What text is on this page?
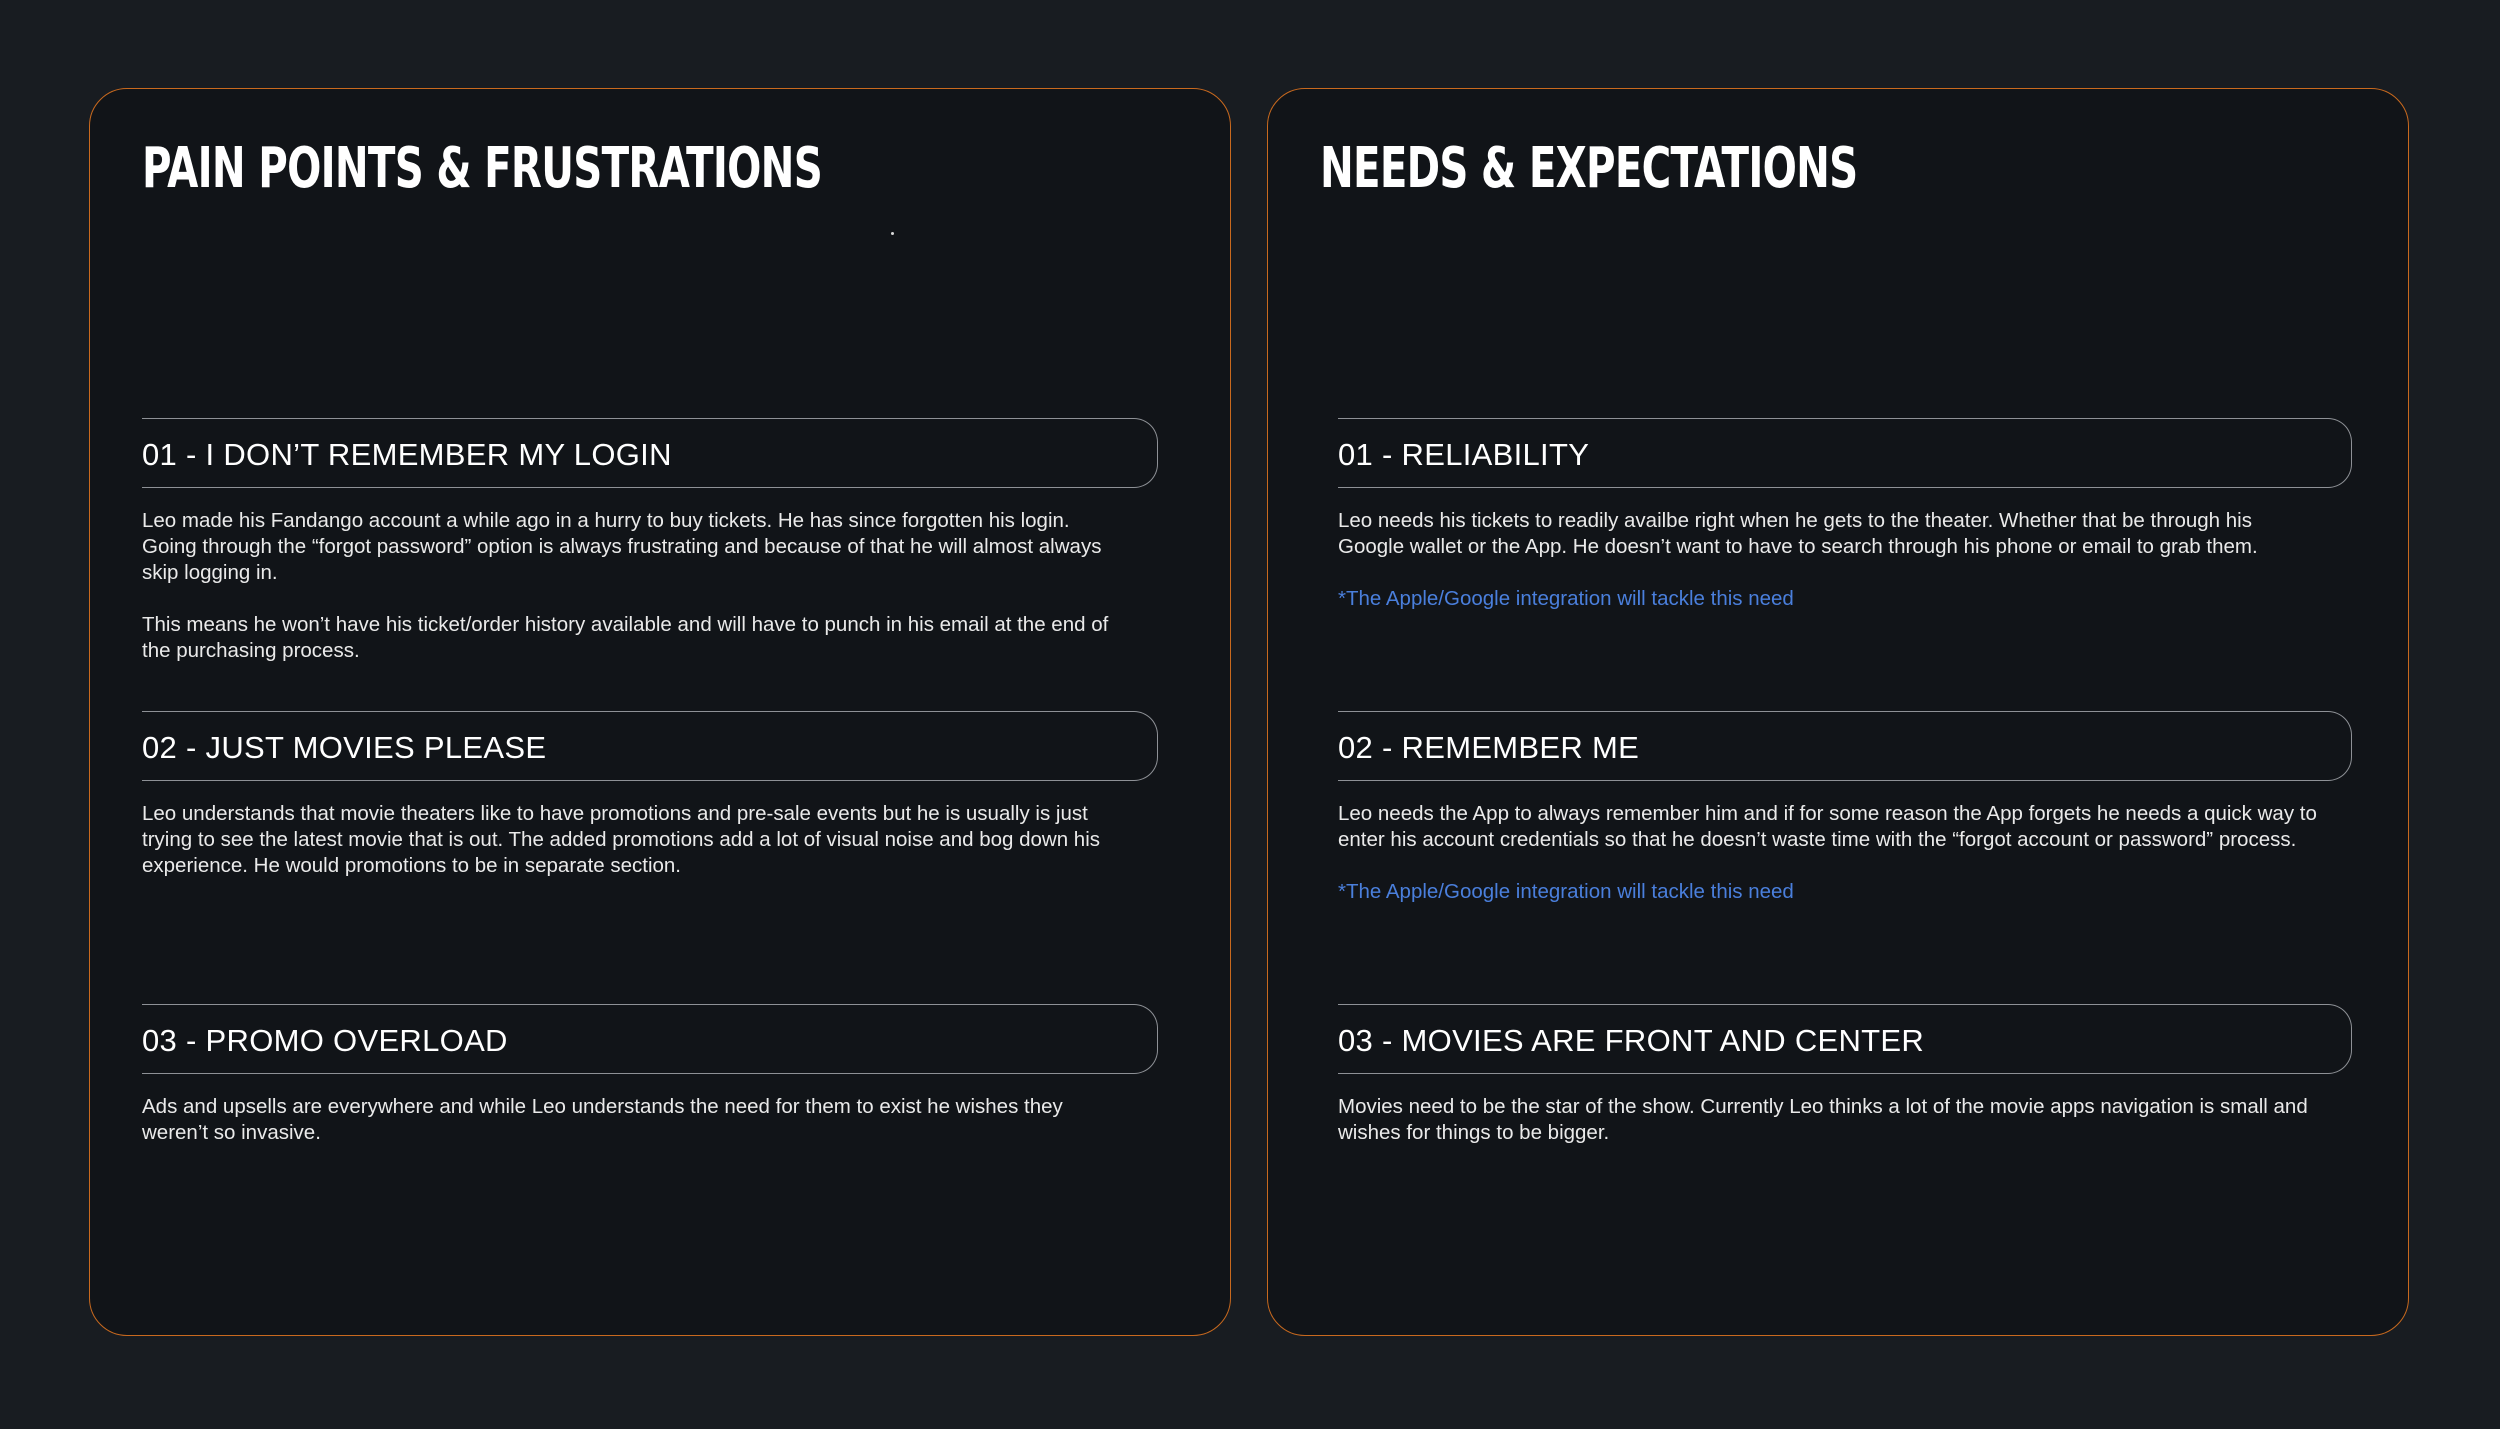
PAIN POINTS & FRUSTRATIONS
01 - I DON’T REMEMBER MY LOGIN

Leo made his Fandango account a while ago in a hurry to buy tickets. He has since forgotten his login. Going through the “forgot password” option is always frustrating and because of that he will almost always skip logging in.

This means he won’t have his ticket/order history available and will have to punch in his email at the end of the purchasing process.

02 - JUST MOVIES PLEASE

Leo understands that movie theaters like to have promotions and pre-sale events but he is usually is just trying to see the latest movie that is out. The added promotions add a lot of visual noise and bog down his experience. He would promotions to be in separate section.

03 - PROMO OVERLOAD

Ads and upsells are everywhere and while Leo understands the need for them to exist he wishes they weren’t so invasive.

NEEDS & EXPECTATIONS
01 - RELIABILITY

Leo needs his tickets to readily availbe right when he gets to the theater. Whether that be through his Google wallet or the App. He doesn’t want to have to search through his phone or email to grab them.

*The Apple/Google integration will tackle this need

02 - REMEMBER ME

Leo needs the App to always remember him and if for some reason the App forgets he needs a quick way to enter his account credentials so that he doesn’t waste time with the “forgot account or password” process.

*The Apple/Google integration will tackle this need

03 - MOVIES ARE FRONT AND CENTER

Movies need to be the star of the show. Currently Leo thinks a lot of the movie apps navigation is small and wishes for things to be bigger.
